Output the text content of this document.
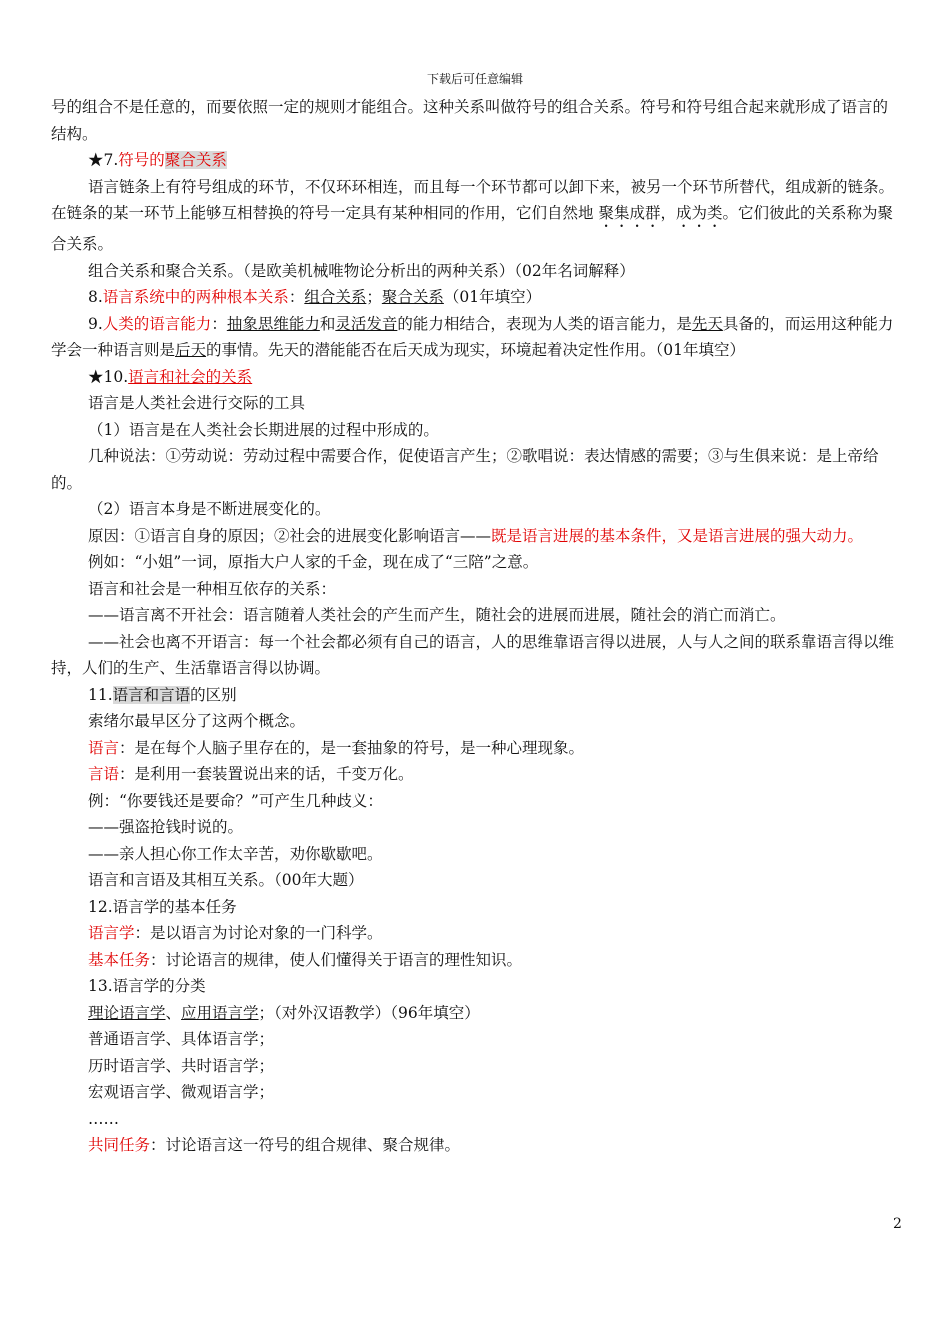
下载后可任意编辑

号的组合不是任意的，而要依照一定的规则才能组合。这种关系叫做符号的组合关系。符号和符号组合起来就形成了语言的结构。

★7.符号的聚合关系

语言链条上有符号组成的环节，不仅环环相连，而且每一个环节都可以卸下来，被另一个环节所替代，组成新的链条。在链条的某一环节上能够互相替换的符号一定具有某种相同的作用，它们自然地 聚集成群，成为类。它们彼此的关系称为聚合关系。

组合关系和聚合关系。（是欧美机械唯物论分析出的两种关系）（02年名词解释）

8.语言系统中的两种根本关系：组合关系；聚合关系（01年填空）

9.人类的语言能力：抽象思维能力和灵活发音的能力相结合，表现为人类的语言能力，是先天具备的，而运用这种能力学会一种语言则是后天的事情。先天的潜能能否在后天成为现实，环境起着决定性作用。（01年填空）

★10.语言和社会的关系

语言是人类社会进行交际的工具

（1）语言是在人类社会长期进展的过程中形成的。

几种说法：①劳动说：劳动过程中需要合作，促使语言产生；②歌唱说：表达情感的需要；③与生俱来说：是上帝给的。

（2）语言本身是不断进展变化的。

原因：①语言自身的原因；②社会的进展变化影响语言——既是语言进展的基本条件，又是语言进展的强大动力。

例如：“小姐”一词，原指大户人家的千金，现在成了“三陪”之意。

语言和社会是一种相互依存的关系：

——语言离不开社会：语言随着人类社会的产生而产生，随社会的进展而进展，随社会的消亡而消亡。

——社会也离不开语言：每一个社会都必须有自己的语言，人的思维靠语言得以进展，人与人之间的联系靠语言得以维持，人们的生产、生活靠语言得以协调。

11.语言和言语的区别

索绪尔最早区分了这两个概念。

语言：是在每个人脑子里存在的，是一套抽象的符号，是一种心理现象。

言语：是利用一套装置说出来的话，千变万化。

例：“你要钱还是要命？”可产生几种歧义：

——强盗抢钱时说的。

——亲人担心你工作太辛苦，劝你歇歇吧。

语言和言语及其相互关系。（00年大题）

12.语言学的基本任务

语言学：是以语言为讨论对象的一门科学。

基本任务：讨论语言的规律，使人们懂得关于语言的理性知识。

13.语言学的分类

理论语言学、应用语言学；（对外汉语教学）（96年填空）

普通语言学、具体语言学；

历时语言学、共时语言学；

宏观语言学、微观语言学；

……

共同任务：讨论语言这一符号的组合规律、聚合规律。

2
